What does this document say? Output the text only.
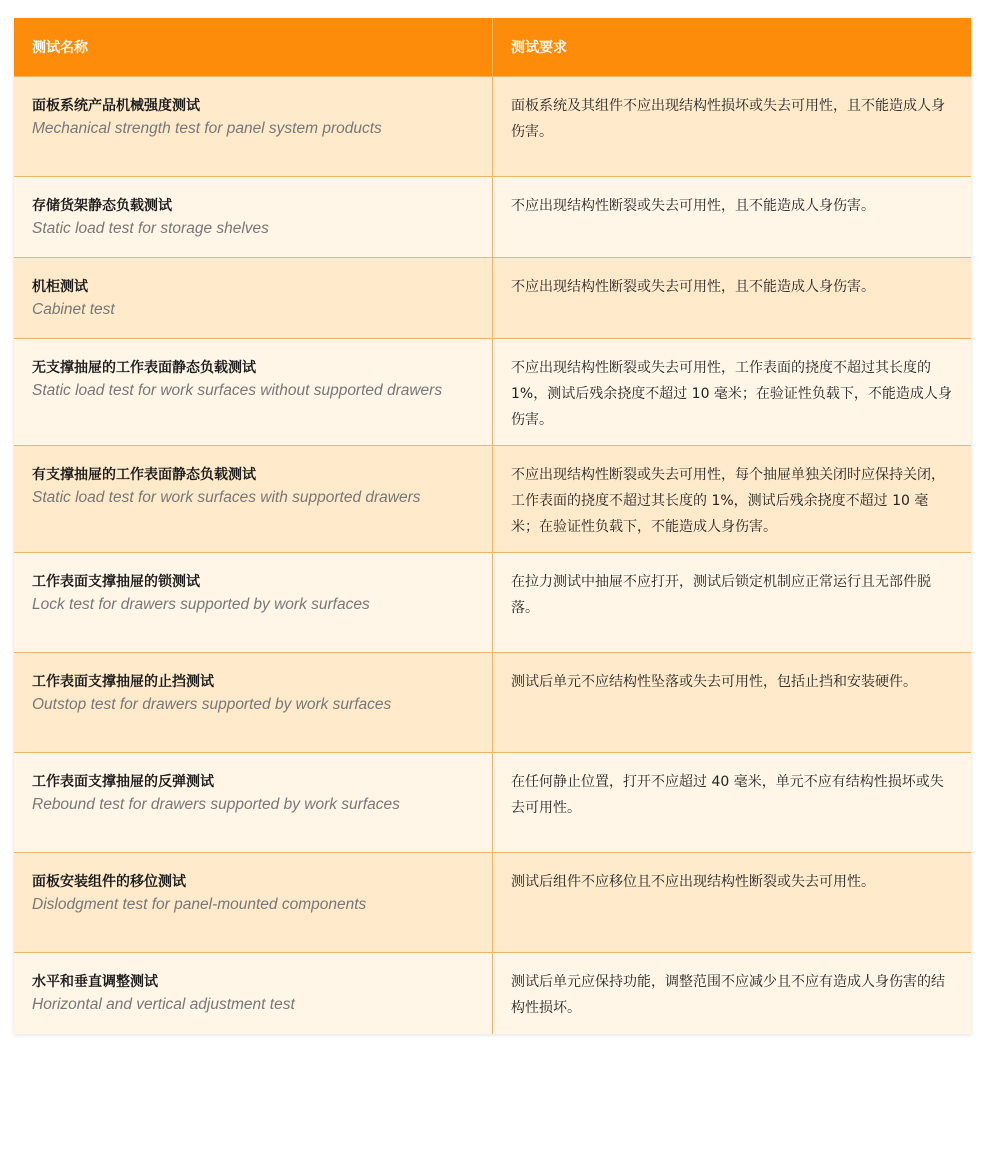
测试名称	测试要求

面板系统产品机械强度测试
Mechanical strength test for panel system products	面板系统及其组件不应出现结构性损坏或失去可用性，且不能造成人身伤害。

存储货架静态负载测试
Static load test for storage shelves	不应出现结构性断裂或失去可用性，且不能造成人身伤害。

机柜测试
Cabinet test	不应出现结构性断裂或失去可用性，且不能造成人身伤害。

无支撑抽屉的工作表面静态负载测试
Static load test for work surfaces without supported drawers	不应出现结构性断裂或失去可用性，工作表面的挠度不超过其长度的 1%，测试后残余挠度不超过 10 毫米；在验证性负载下，不能造成人身伤害。

有支撑抽屉的工作表面静态负载测试
Static load test for work surfaces with supported drawers	不应出现结构性断裂或失去可用性，每个抽屉单独关闭时应保持关闭，工作表面的挠度不超过其长度的 1%，测试后残余挠度不超过 10 毫米；在验证性负载下，不能造成人身伤害。

工作表面支撑抽屉的锁测试
Lock test for drawers supported by work surfaces	在拉力测试中抽屉不应打开，测试后锁定机制应正常运行且无部件脱落。

工作表面支撑抽屉的止挡测试
Outstop test for drawers supported by work surfaces	测试后单元不应结构性坠落或失去可用性，包括止挡和安装硬件。

工作表面支撑抽屉的反弹测试
Rebound test for drawers supported by work surfaces	在任何静止位置，打开不应超过 40 毫米，单元不应有结构性损坏或失去可用性。

面板安装组件的移位测试
Dislodgment test for panel-mounted components	测试后组件不应移位且不应出现结构性断裂或失去可用性。

水平和垂直调整测试
Horizontal and vertical adjustment test	测试后单元应保持功能，调整范围不应减少且不应有造成人身伤害的结构性损坏。
